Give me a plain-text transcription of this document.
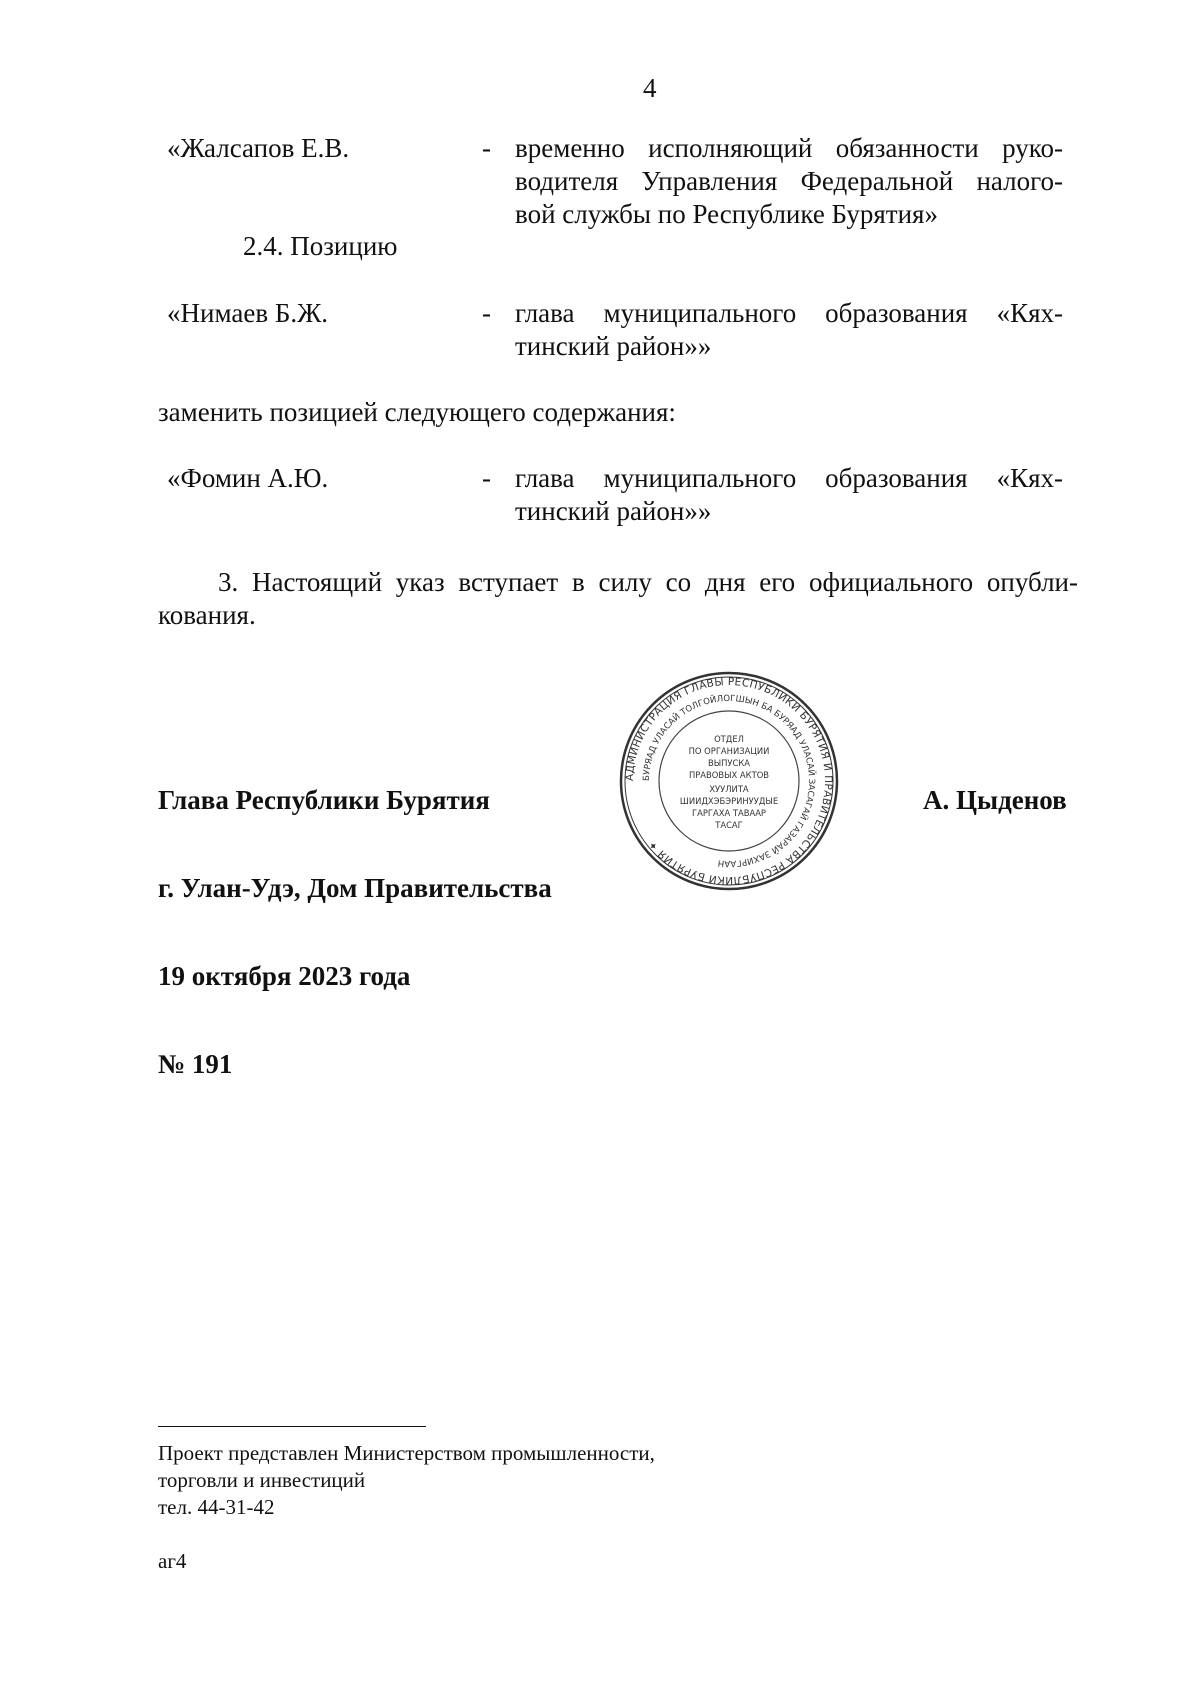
4
«Жалсапов Е.В.	- временно исполняющий обязанности руко-
водителя Управления Федеральной налого-
вой службы по Республике Бурятия»
2.4. Позицию
«Нимаев Б.Ж.	- глава муниципального образования «Кях-
тинский район»»
заменить позицией следующего содержания:
«Фомин А.Ю.	- глава муниципального образования «Кях-
тинский район»»
3. Настоящий указ вступает в силу со дня его официального опубли-
кования.
Глава Республики Бурятия	А. Цыденов
г. Улан-Удэ, Дом Правительства
19 октября 2023 года
№ 191
АДМИНИСТРАЦИЯ ГЛАВЫ РЕСПУБЛИКИ БУРЯТИЯ И ПРАВИТЕЛЬСТВА РЕСПУБЛИКИ БУРЯТИЯ ✦
БУРЯАД УЛАСАЙ ТОЛГОЙЛОГШЫН БА БУРЯАД УЛАСАЙ ЗАСАГАЙ ГАЗАРАЙ ЗАХИРГААН
ОТДЕЛ
ПО ОРГАНИЗАЦИИ
ВЫПУСКА
ПРАВОВЫХ АКТОВ
ХУУЛИТА
ШИИДХЭБЭРИНУУДЫЕ
ГАРГАХА ТАВААР
ТАСАГ
Проект представлен Министерством промышленности,
торговли и инвестиций
тел. 44-31-42
аг4
